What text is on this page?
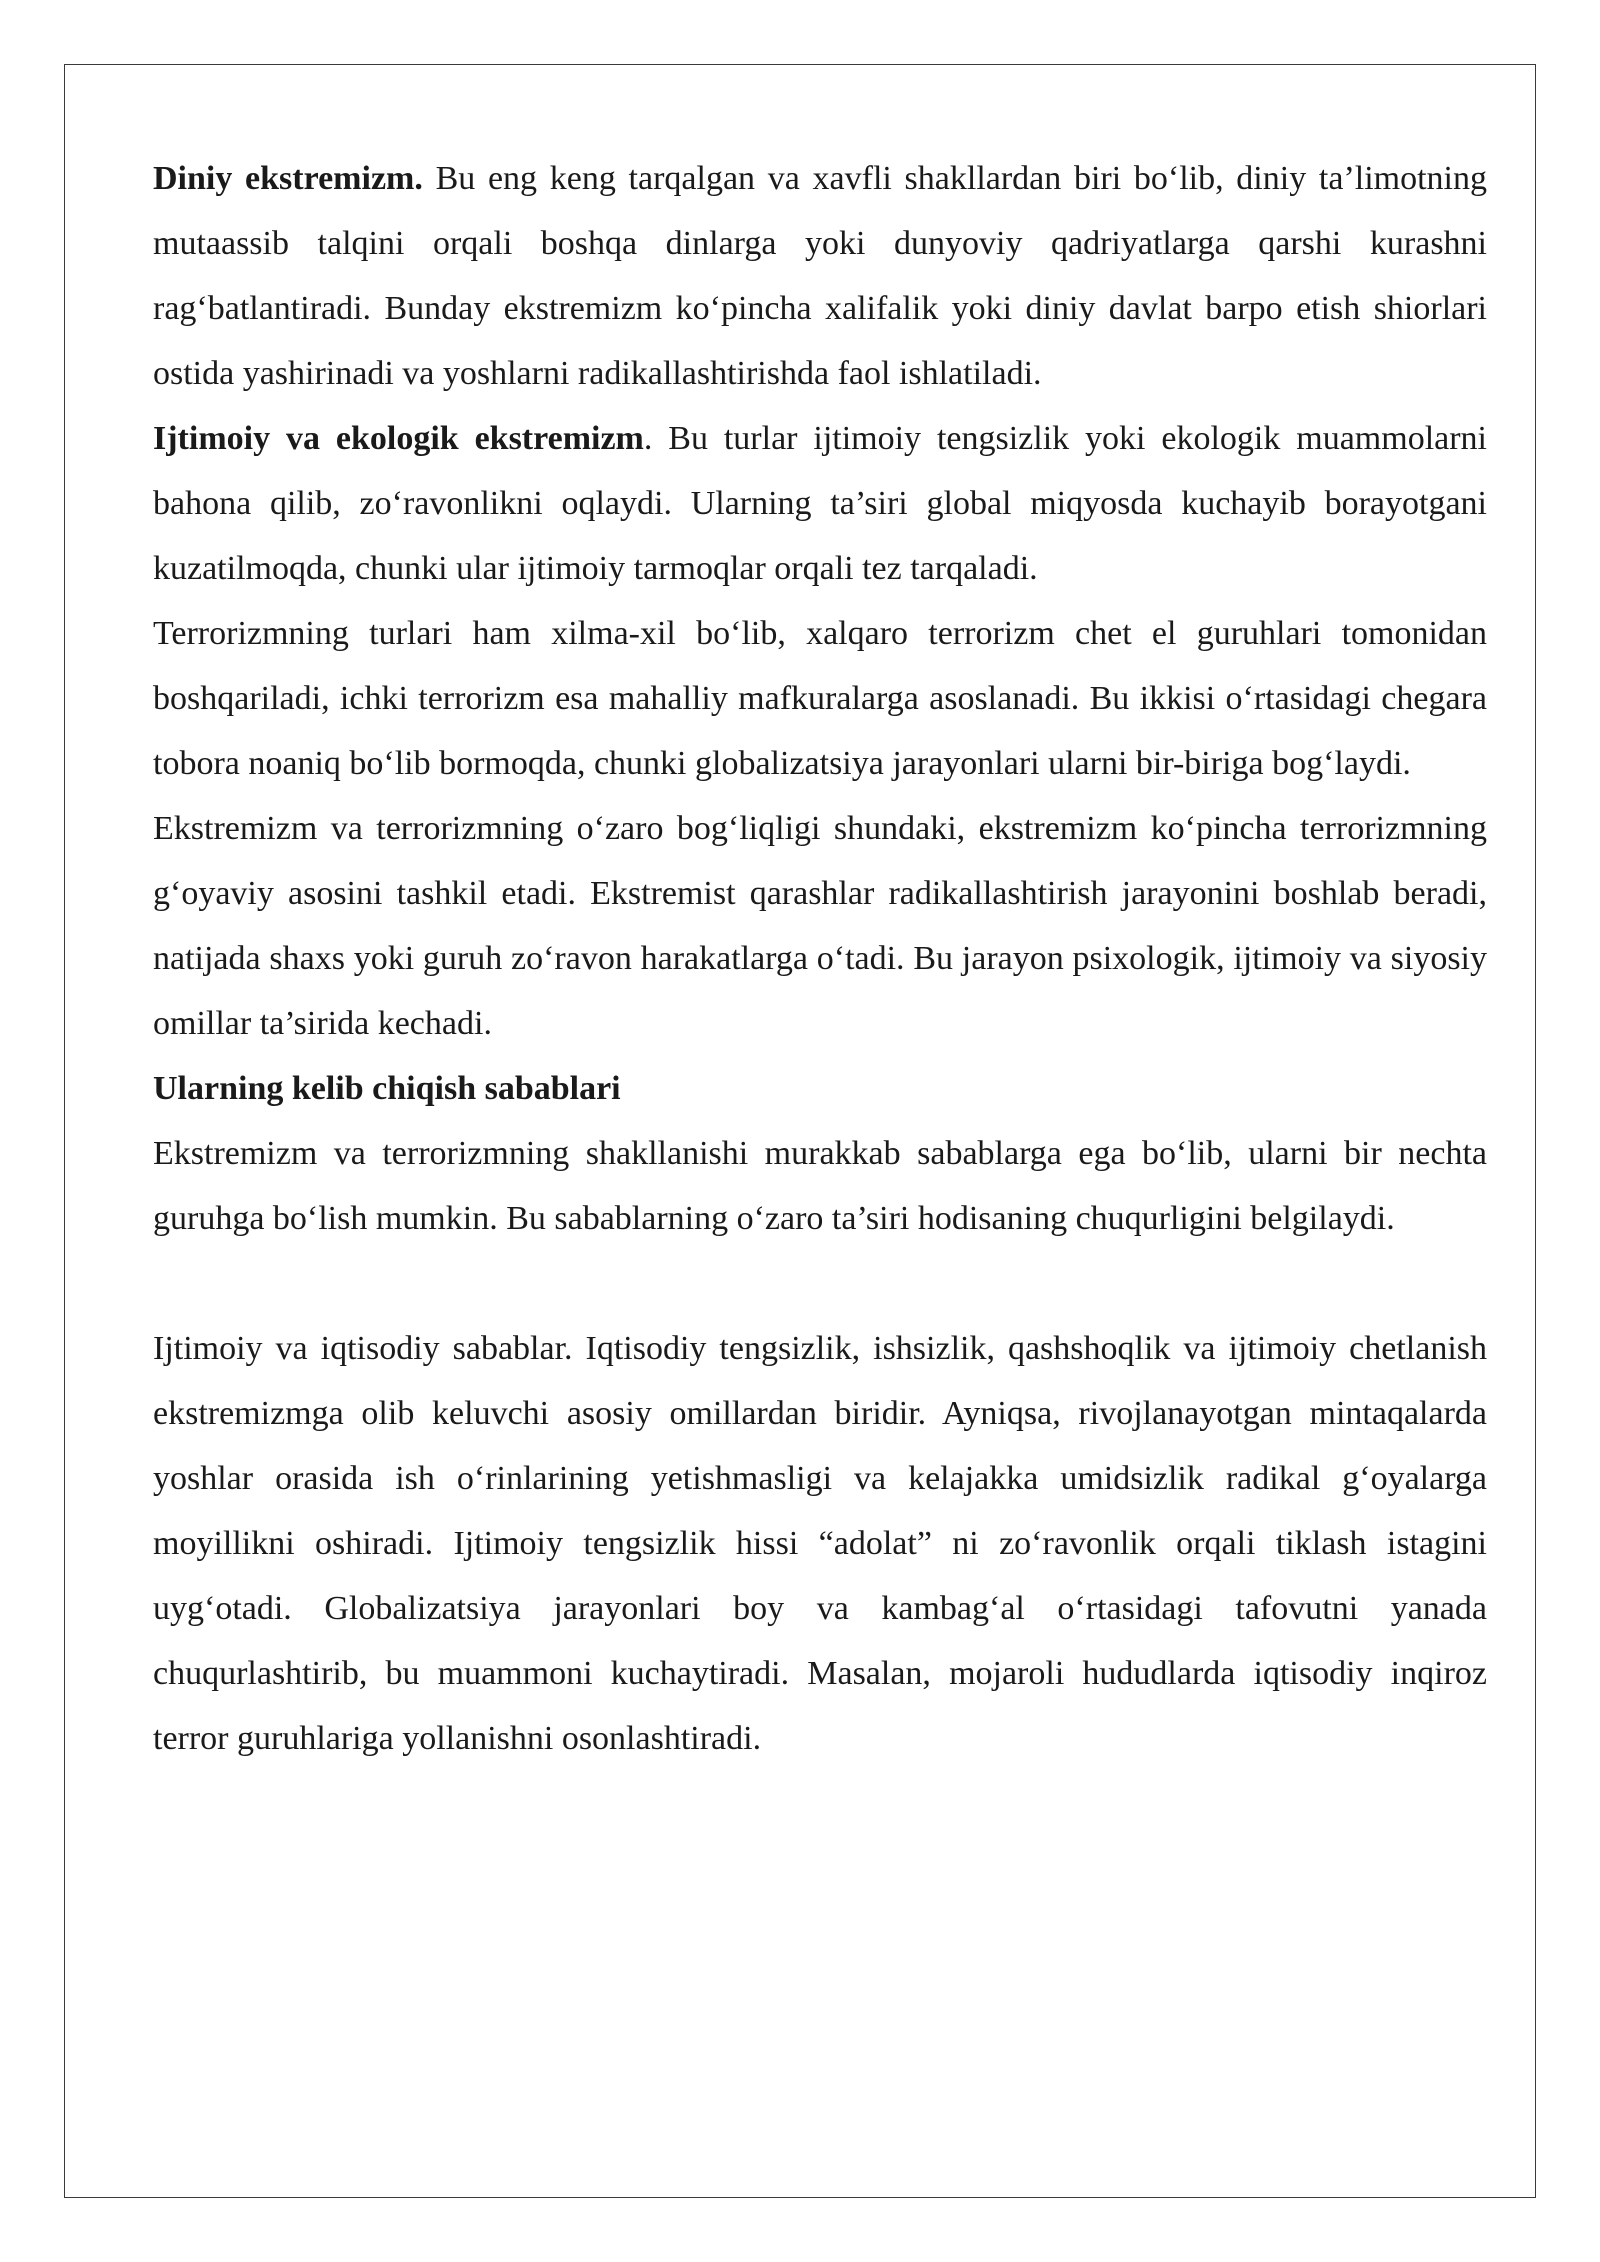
Diniy ekstremizm. Bu eng keng tarqalgan va xavfli shakllardan biri bo‘lib, diniy ta’limotning mutaassib talqini orqali boshqa dinlarga yoki dunyoviy qadriyatlarga qarshi kurashni rag‘batlantiradi. Bunday ekstremizm ko‘pincha xalifalik yoki diniy davlat barpo etish shiorlari ostida yashirinadi va yoshlarni radikallashtirishda faol ishlatiladi.

Ijtimoiy va ekologik ekstremizm. Bu turlar ijtimoiy tengsizlik yoki ekologik muammolarni bahona qilib, zo‘ravonlikni oqlaydi. Ularning ta’siri global miqyosda kuchayib borayotgani kuzatilmoqda, chunki ular ijtimoiy tarmoqlar orqali tez tarqaladi.

Terrorizmning turlari ham xilma-xil bo‘lib, xalqaro terrorizm chet el guruhlari tomonidan boshqariladi, ichki terrorizm esa mahalliy mafkuralarga asoslanadi. Bu ikkisi o‘rtasidagi chegara tobora noaniq bo‘lib bormoqda, chunki globalizatsiya jarayonlari ularni bir-biriga bog‘laydi.

Ekstremizm va terrorizmning o‘zaro bog‘liqligi shundaki, ekstremizm ko‘pincha terrorizmning g‘oyaviy asosini tashkil etadi. Ekstremist qarashlar radikallashtirish jarayonini boshlab beradi, natijada shaxs yoki guruh zo‘ravon harakatlarga o‘tadi. Bu jarayon psixologik, ijtimoiy va siyosiy omillar ta’sirida kechadi.

Ularning kelib chiqish sabablari

Ekstremizm va terrorizmning shakllanishi murakkab sabablarga ega bo‘lib, ularni bir nechta guruhga bo‘lish mumkin. Bu sabablarning o‘zaro ta’siri hodisaning chuqurligini belgilaydi.

Ijtimoiy va iqtisodiy sabablar. Iqtisodiy tengsizlik, ishsizlik, qashshoqlik va ijtimoiy chetlanish ekstremizmga olib keluvchi asosiy omillardan biridir. Ayniqsa, rivojlanayotgan mintaqalarda yoshlar orasida ish o‘rinlarining yetishmasligi va kelajakka umidsizlik radikal g‘oyalarga moyillikni oshiradi. Ijtimoiy tengsizlik hissi “adolat” ni zo‘ravonlik orqali tiklash istagini uyg‘otadi. Globalizatsiya jarayonlari boy va kambag‘al o‘rtasidagi tafovutni yanada chuqurlashtirib, bu muammoni kuchaytiradi. Masalan, mojaroli hududlarda iqtisodiy inqiroz terror guruhlariga yollanishni osonlashtiradi.
